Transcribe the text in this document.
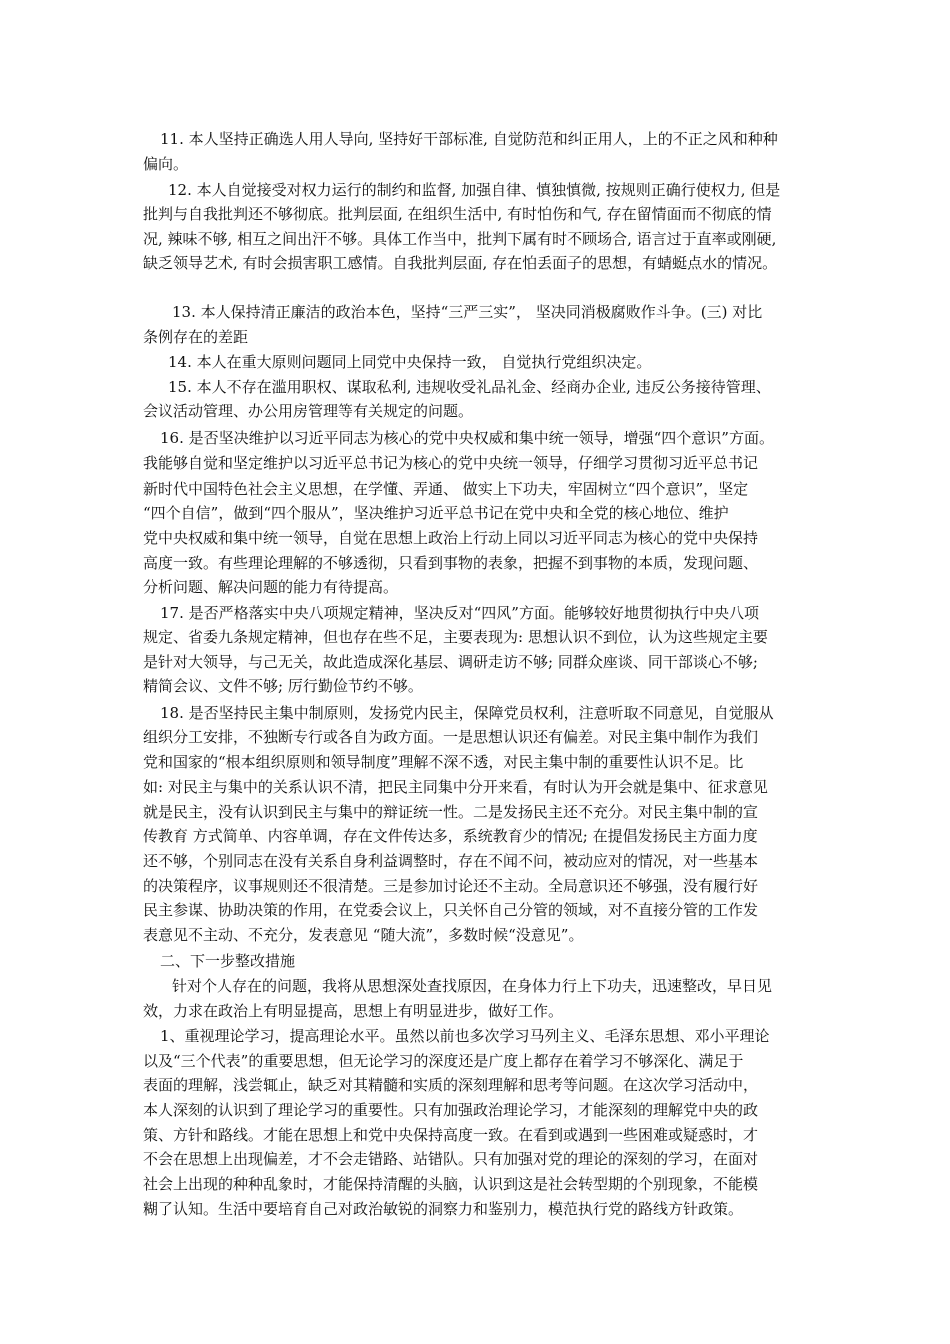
11. 本人坚持正确选人用人导向, 坚持好干部标准, 自觉防范和纠正用人，上的不正之风和种种
偏向。
12. 本人自觉接受对权力运行的制约和监督, 加强自律、慎独慎微, 按规则正确行使权力, 但是
批判与自我批判还不够彻底。批判层面, 在组织生活中, 有时怕伤和气, 存在留情面而不彻底的情
况, 辣味不够, 相互之间出汗不够。具体工作当中，批判下属有时不顾场合, 语言过于直率或刚硬,
缺乏领导艺术, 有时会损害职工感情。自我批判层面, 存在怕丢面子的思想，有蜻蜓点水的情况。
13. 本人保持清正廉洁的政治本色，坚持“三严三实”， 坚决同消极腐败作斗争。(三) 对比
条例存在的差距
14. 本人在重大原则问题同上同党中央保持一致， 自觉执行党组织决定。
15. 本人不存在滥用职权、谋取私利, 违规收受礼品礼金、经商办企业, 违反公务接待管理、
会议活动管理、办公用房管理等有关规定的问题。
16. 是否坚决维护以习近平同志为核心的党中央权威和集中统一领导，增强“四个意识”方面。
我能够自觉和坚定维护以习近平总书记为核心的党中央统一领导，仔细学习贯彻习近平总书记
新时代中国特色社会主义思想，在学懂、弄通、 做实上下功夫，牢固树立“四个意识”，坚定
“四个自信”，做到“四个服从”，坚决维护习近平总书记在党中央和全党的核心地位、维护
党中央权威和集中统一领导，自觉在思想上政治上行动上同以习近平同志为核心的党中央保持
高度一致。有些理论理解的不够透彻，只看到事物的表象，把握不到事物的本质，发现问题、
分析问题、解决问题的能力有待提高。
17. 是否严格落实中央八项规定精神，坚决反对“四风”方面。能够较好地贯彻执行中央八项
规定、省委九条规定精神，但也存在些不足，主要表现为: 思想认识不到位，认为这些规定主要
是针对大领导，与己无关，故此造成深化基层、调研走访不够; 同群众座谈、同干部谈心不够;
精简会议、文件不够; 厉行勤俭节约不够。
18. 是否坚持民主集中制原则，发扬党内民主，保障党员权利，注意听取不同意见，自觉服从
组织分工安排，不独断专行或各自为政方面。一是思想认识还有偏差。对民主集中制作为我们
党和国家的“根本组织原则和领导制度”理解不深不透，对民主集中制的重要性认识不足。比
如: 对民主与集中的关系认识不清，把民主同集中分开来看，有时认为开会就是集中、征求意见
就是民主，没有认识到民主与集中的辩证统一性。二是发扬民主还不充分。对民主集中制的宣
传教育 方式简单、内容单调，存在文件传达多，系统教育少的情况; 在提倡发扬民主方面力度
还不够，个别同志在没有关系自身利益调整时，存在不闻不问，被动应对的情况，对一些基本
的决策程序，议事规则还不很清楚。三是参加讨论还不主动。全局意识还不够强，没有履行好
民主参谋、协助决策的作用，在党委会议上，只关怀自己分管的领域，对不直接分管的工作发
表意见不主动、不充分，发表意见 “随大流”，多数时候“没意见”。
二、下一步整改措施
针对个人存在的问题，我将从思想深处查找原因，在身体力行上下功夫，迅速整改，早日见
效，力求在政治上有明显提高，思想上有明显进步，做好工作。
1、重视理论学习，提高理论水平。虽然以前也多次学习马列主义、毛泽东思想、邓小平理论
以及“三个代表”的重要思想，但无论学习的深度还是广度上都存在着学习不够深化、满足于
表面的理解，浅尝辄止，缺乏对其精髓和实质的深刻理解和思考等问题。在这次学习活动中，
本人深刻的认识到了理论学习的重要性。只有加强政治理论学习，才能深刻的理解党中央的政
策、方针和路线。才能在思想上和党中央保持高度一致。在看到或遇到一些困难或疑惑时，才
不会在思想上出现偏差，才不会走错路、站错队。只有加强对党的理论的深刻的学习，在面对
社会上出现的种种乱象时，才能保持清醒的头脑，认识到这是社会转型期的个别现象，不能模
糊了认知。生活中要培育自己对政治敏锐的洞察力和鉴别力，模范执行党的路线方针政策。
